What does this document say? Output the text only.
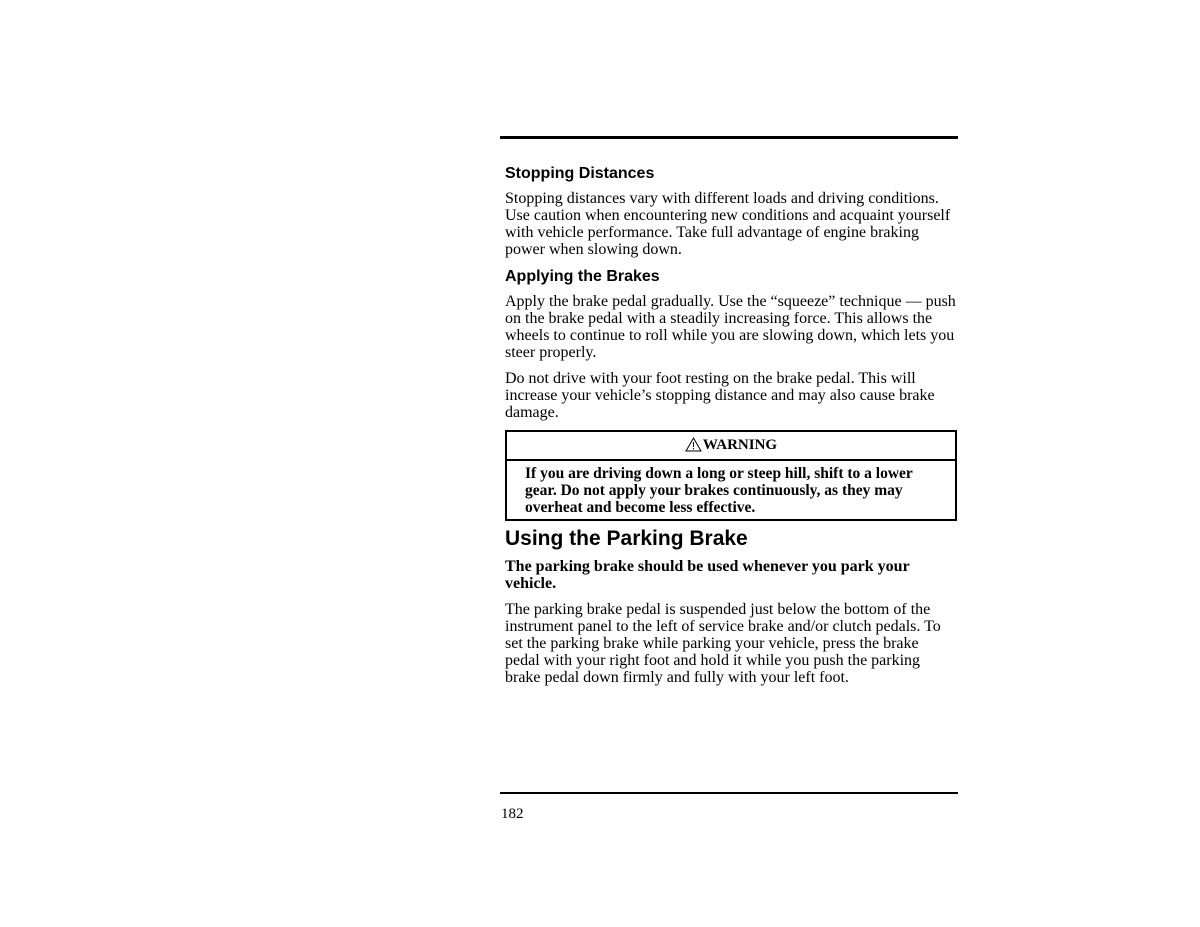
Stopping Distances

Stopping distances vary with different loads and driving conditions. Use caution when encountering new conditions and acquaint yourself with vehicle performance. Take full advantage of engine braking power when slowing down.

Applying the Brakes

Apply the brake pedal gradually. Use the “squeeze” technique — push on the brake pedal with a steadily increasing force. This allows the wheels to continue to roll while you are slowing down, which lets you steer properly.

Do not drive with your foot resting on the brake pedal. This will increase your vehicle’s stopping distance and may also cause brake damage.

WARNING
If you are driving down a long or steep hill, shift to a lower gear. Do not apply your brakes continuously, as they may overheat and become less effective.
Using the Parking Brake

The parking brake should be used whenever you park your vehicle.

The parking brake pedal is suspended just below the bottom of the instrument panel to the left of service brake and/or clutch pedals. To set the parking brake while parking your vehicle, press the brake pedal with your right foot and hold it while you push the parking brake pedal down firmly and fully with your left foot.

182
